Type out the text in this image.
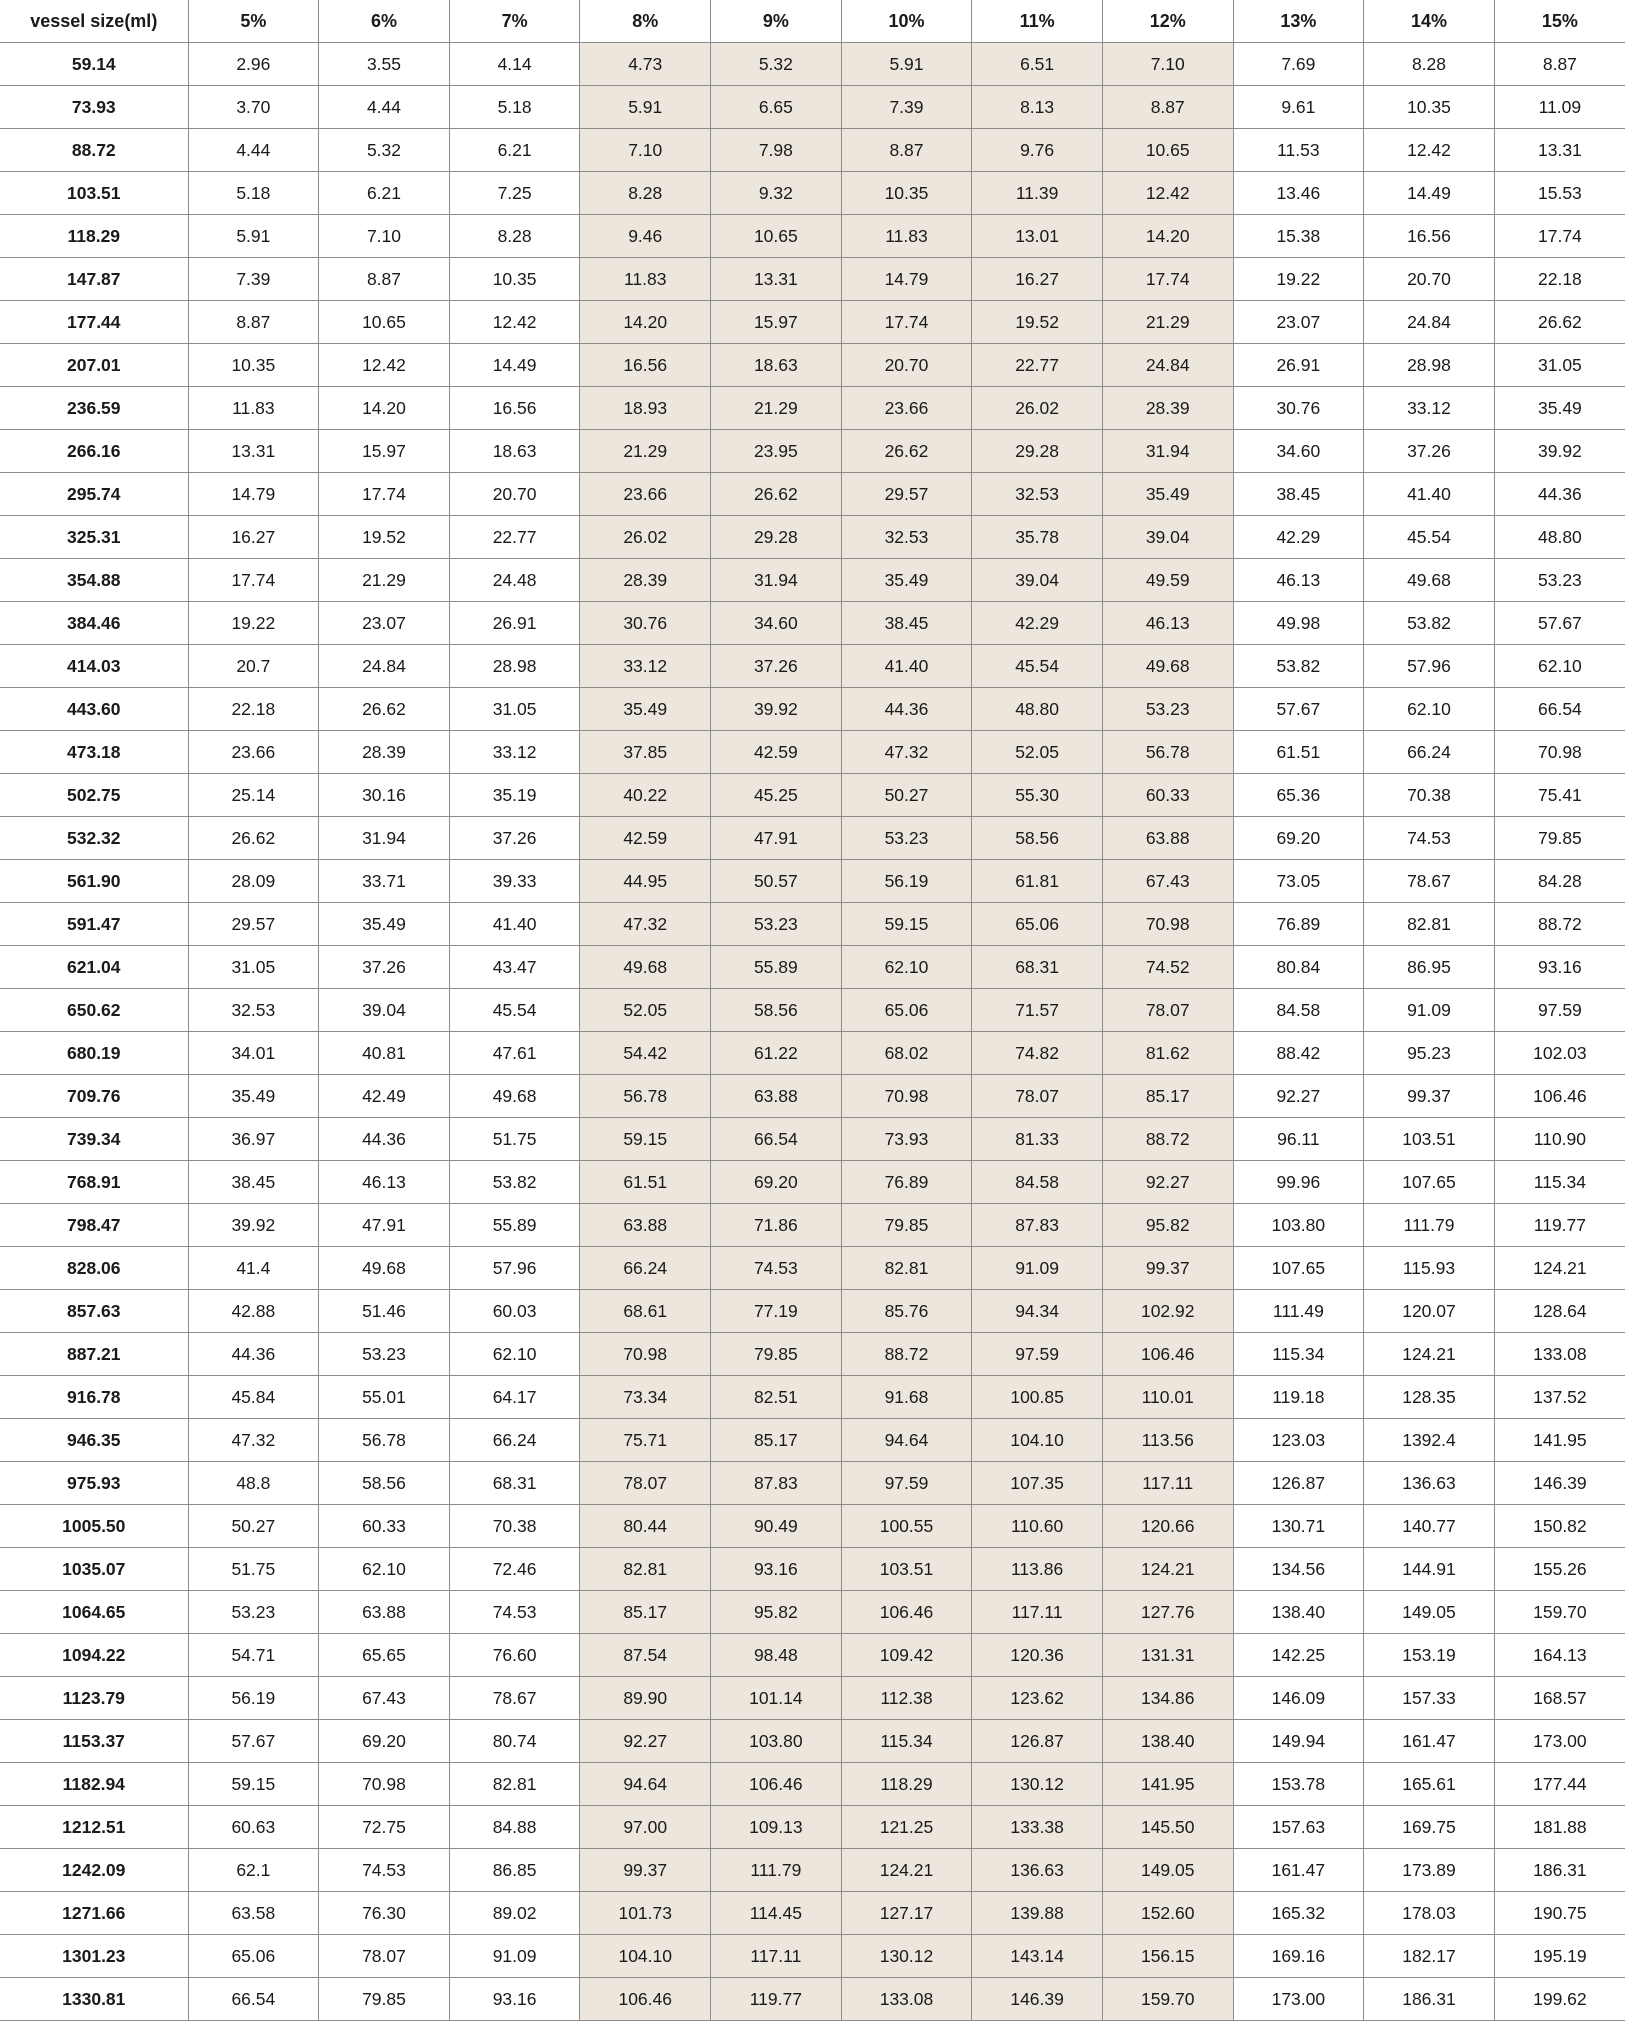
vessel size(ml)	5%	6%	7%	8%	9%	10%	11%	12%	13%	14%	15%
59.14	2.96	3.55	4.14	4.73	5.32	5.91	6.51	7.10	7.69	8.28	8.87
73.93	3.70	4.44	5.18	5.91	6.65	7.39	8.13	8.87	9.61	10.35	11.09
88.72	4.44	5.32	6.21	7.10	7.98	8.87	9.76	10.65	11.53	12.42	13.31
103.51	5.18	6.21	7.25	8.28	9.32	10.35	11.39	12.42	13.46	14.49	15.53
118.29	5.91	7.10	8.28	9.46	10.65	11.83	13.01	14.20	15.38	16.56	17.74
147.87	7.39	8.87	10.35	11.83	13.31	14.79	16.27	17.74	19.22	20.70	22.18
177.44	8.87	10.65	12.42	14.20	15.97	17.74	19.52	21.29	23.07	24.84	26.62
207.01	10.35	12.42	14.49	16.56	18.63	20.70	22.77	24.84	26.91	28.98	31.05
236.59	11.83	14.20	16.56	18.93	21.29	23.66	26.02	28.39	30.76	33.12	35.49
266.16	13.31	15.97	18.63	21.29	23.95	26.62	29.28	31.94	34.60	37.26	39.92
295.74	14.79	17.74	20.70	23.66	26.62	29.57	32.53	35.49	38.45	41.40	44.36
325.31	16.27	19.52	22.77	26.02	29.28	32.53	35.78	39.04	42.29	45.54	48.80
354.88	17.74	21.29	24.48	28.39	31.94	35.49	39.04	49.59	46.13	49.68	53.23
384.46	19.22	23.07	26.91	30.76	34.60	38.45	42.29	46.13	49.98	53.82	57.67
414.03	20.7	24.84	28.98	33.12	37.26	41.40	45.54	49.68	53.82	57.96	62.10
443.60	22.18	26.62	31.05	35.49	39.92	44.36	48.80	53.23	57.67	62.10	66.54
473.18	23.66	28.39	33.12	37.85	42.59	47.32	52.05	56.78	61.51	66.24	70.98
502.75	25.14	30.16	35.19	40.22	45.25	50.27	55.30	60.33	65.36	70.38	75.41
532.32	26.62	31.94	37.26	42.59	47.91	53.23	58.56	63.88	69.20	74.53	79.85
561.90	28.09	33.71	39.33	44.95	50.57	56.19	61.81	67.43	73.05	78.67	84.28
591.47	29.57	35.49	41.40	47.32	53.23	59.15	65.06	70.98	76.89	82.81	88.72
621.04	31.05	37.26	43.47	49.68	55.89	62.10	68.31	74.52	80.84	86.95	93.16
650.62	32.53	39.04	45.54	52.05	58.56	65.06	71.57	78.07	84.58	91.09	97.59
680.19	34.01	40.81	47.61	54.42	61.22	68.02	74.82	81.62	88.42	95.23	102.03
709.76	35.49	42.49	49.68	56.78	63.88	70.98	78.07	85.17	92.27	99.37	106.46
739.34	36.97	44.36	51.75	59.15	66.54	73.93	81.33	88.72	96.11	103.51	110.90
768.91	38.45	46.13	53.82	61.51	69.20	76.89	84.58	92.27	99.96	107.65	115.34
798.47	39.92	47.91	55.89	63.88	71.86	79.85	87.83	95.82	103.80	111.79	119.77
828.06	41.4	49.68	57.96	66.24	74.53	82.81	91.09	99.37	107.65	115.93	124.21
857.63	42.88	51.46	60.03	68.61	77.19	85.76	94.34	102.92	111.49	120.07	128.64
887.21	44.36	53.23	62.10	70.98	79.85	88.72	97.59	106.46	115.34	124.21	133.08
916.78	45.84	55.01	64.17	73.34	82.51	91.68	100.85	110.01	119.18	128.35	137.52
946.35	47.32	56.78	66.24	75.71	85.17	94.64	104.10	113.56	123.03	1392.4	141.95
975.93	48.8	58.56	68.31	78.07	87.83	97.59	107.35	117.11	126.87	136.63	146.39
1005.50	50.27	60.33	70.38	80.44	90.49	100.55	110.60	120.66	130.71	140.77	150.82
1035.07	51.75	62.10	72.46	82.81	93.16	103.51	113.86	124.21	134.56	144.91	155.26
1064.65	53.23	63.88	74.53	85.17	95.82	106.46	117.11	127.76	138.40	149.05	159.70
1094.22	54.71	65.65	76.60	87.54	98.48	109.42	120.36	131.31	142.25	153.19	164.13
1123.79	56.19	67.43	78.67	89.90	101.14	112.38	123.62	134.86	146.09	157.33	168.57
1153.37	57.67	69.20	80.74	92.27	103.80	115.34	126.87	138.40	149.94	161.47	173.00
1182.94	59.15	70.98	82.81	94.64	106.46	118.29	130.12	141.95	153.78	165.61	177.44
1212.51	60.63	72.75	84.88	97.00	109.13	121.25	133.38	145.50	157.63	169.75	181.88
1242.09	62.1	74.53	86.85	99.37	111.79	124.21	136.63	149.05	161.47	173.89	186.31
1271.66	63.58	76.30	89.02	101.73	114.45	127.17	139.88	152.60	165.32	178.03	190.75
1301.23	65.06	78.07	91.09	104.10	117.11	130.12	143.14	156.15	169.16	182.17	195.19
1330.81	66.54	79.85	93.16	106.46	119.77	133.08	146.39	159.70	173.00	186.31	199.62
